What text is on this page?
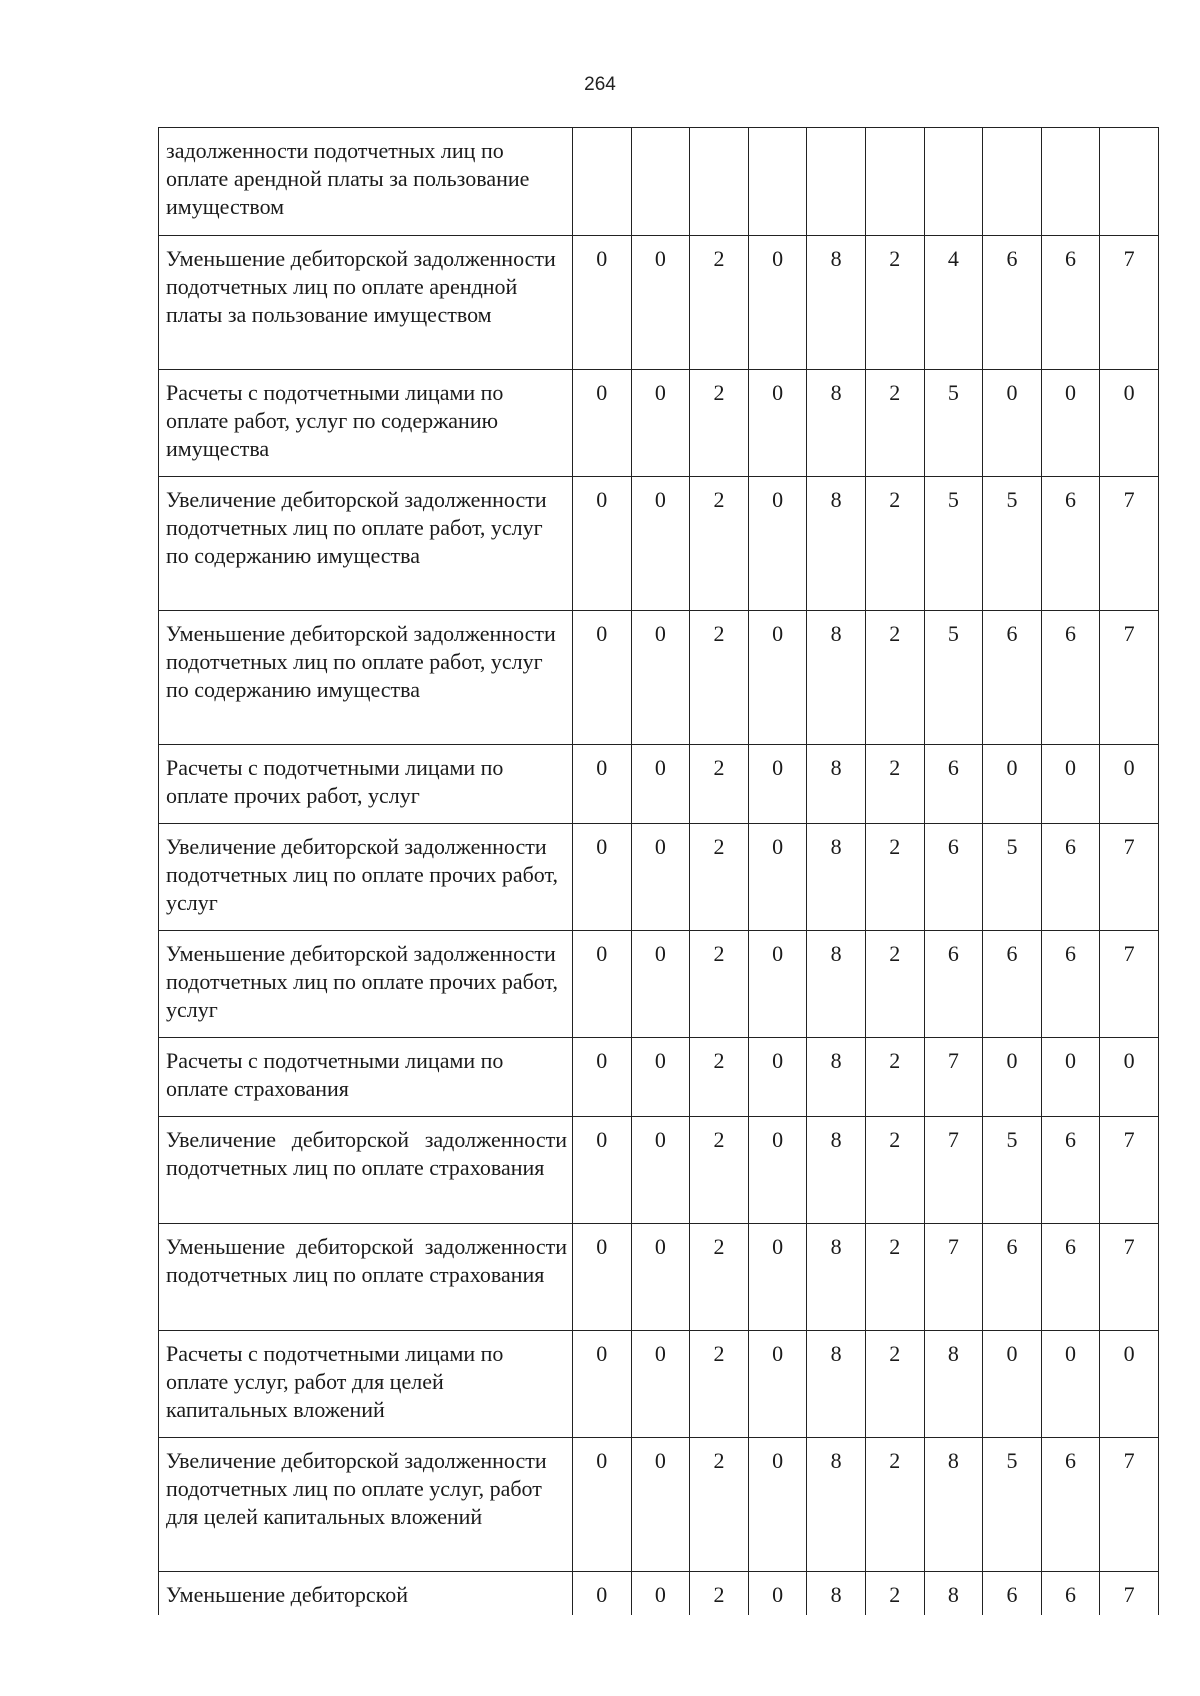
264
задолженности подотчетных лиц по оплате арендной платы за пользование имуществом										
Уменьшение дебиторской задолженности подотчетных лиц по оплате арендной платы за пользование имуществом	0	0	2	0	8	2	4	6	6	7
Расчеты с подотчетными лицами по оплате работ, услуг по содержанию имущества	0	0	2	0	8	2	5	0	0	0
Увеличение дебиторской задолженности подотчетных лиц по оплате работ, услуг по содержанию имущества	0	0	2	0	8	2	5	5	6	7
Уменьшение дебиторской задолженности подотчетных лиц по оплате работ, услуг по содержанию имущества	0	0	2	0	8	2	5	6	6	7
Расчеты с подотчетными лицами по оплате прочих работ, услуг	0	0	2	0	8	2	6	0	0	0
Увеличение дебиторской задолженности подотчетных лиц по оплате прочих работ, услуг	0	0	2	0	8	2	6	5	6	7
Уменьшение дебиторской задолженности подотчетных лиц по оплате прочих работ, услуг	0	0	2	0	8	2	6	6	6	7
Расчеты с подотчетными лицами по оплате страхования	0	0	2	0	8	2	7	0	0	0
Увеличение дебиторской задолженности подотчетных лиц по оплате страхования	0	0	2	0	8	2	7	5	6	7
Уменьшение дебиторской задолженности подотчетных лиц по оплате страхования	0	0	2	0	8	2	7	6	6	7
Расчеты с подотчетными лицами по оплате услуг, работ для целей капитальных вложений	0	0	2	0	8	2	8	0	0	0
Увеличение дебиторской задолженности подотчетных лиц по оплате услуг, работ для целей капитальных вложений	0	0	2	0	8	2	8	5	6	7
Уменьшение дебиторской	0	0	2	0	8	2	8	6	6	7
